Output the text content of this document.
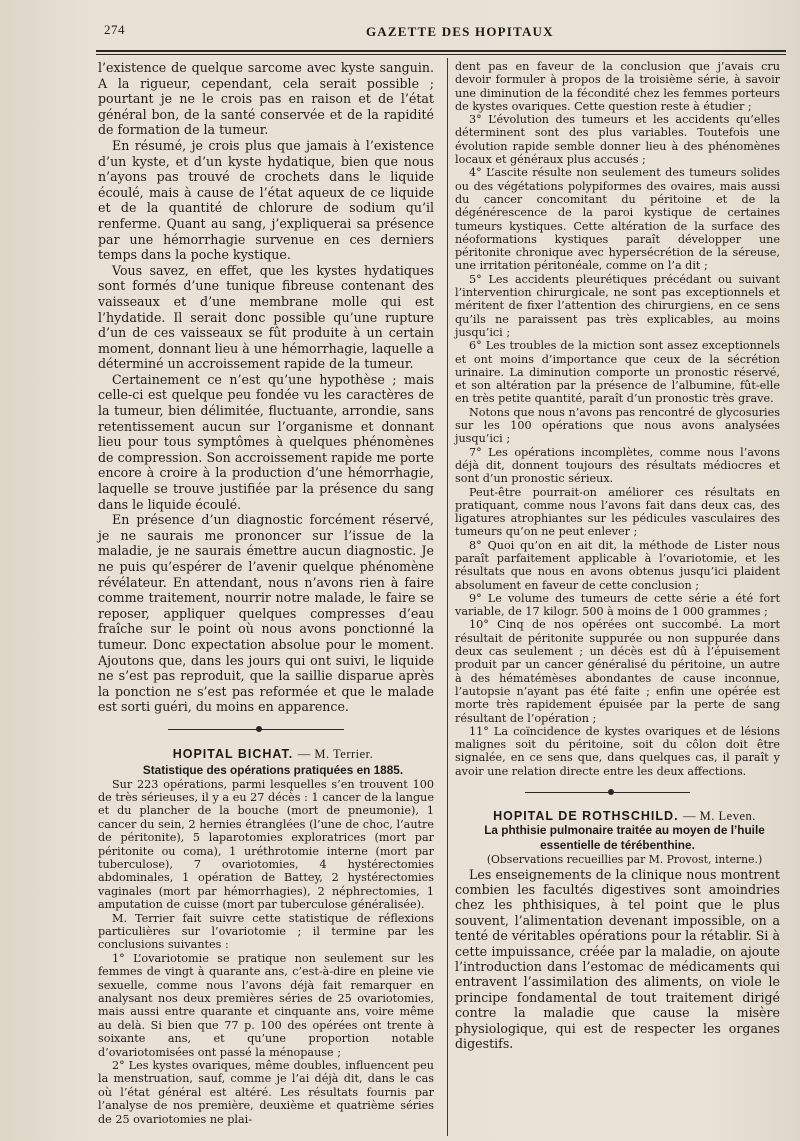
274	GAZETTE DES HOPITAUX

l’existence de quelque sarcome avec kyste sanguin. A la rigueur, cependant, cela serait possible ; pourtant je ne le crois pas en raison et de l’état général bon, de la santé conservée et de la rapidité de formation de la tumeur.

En résumé, je crois plus que jamais à l’existence d’un kyste, et d’un kyste hydatique, bien que nous n’ayons pas trouvé de crochets dans le liquide écoulé, mais à cause de l’état aqueux de ce liquide et de la quantité de chlorure de sodium qu’il renferme. Quant au sang, j’expliquerai sa présence par une hémorrhagie survenue en ces derniers temps dans la poche kystique.

Vous savez, en effet, que les kystes hydatiques sont formés d’une tunique fibreuse contenant des vaisseaux et d’une membrane molle qui est l’hydatide. Il serait donc possible qu’une rupture d’un de ces vaisseaux se fût produite à un certain moment, donnant lieu à une hémorrhagie, laquelle a déterminé un accroissement rapide de la tumeur.

Certainement ce n’est qu’une hypothèse ; mais celle-ci est quelque peu fondée vu les caractères de la tumeur, bien délimitée, fluctuante, arrondie, sans retentissement aucun sur l’organisme et donnant lieu pour tous symptômes à quelques phénomènes de compression. Son accroissement rapide me porte encore à croire à la production d’une hémorrhagie, laquelle se trouve justifiée par la présence du sang dans le liquide écoulé.

En présence d’un diagnostic forcément réservé, je ne saurais me prononcer sur l’issue de la maladie, je ne saurais émettre aucun diagnostic. Je ne puis qu’espérer de l’avenir quelque phénomène révélateur. En attendant, nous n’avons rien à faire comme traitement, nourrir notre malade, le faire se reposer, appliquer quelques compresses d’eau fraîche sur le point où nous avons ponctionné la tumeur. Donc expectation absolue pour le moment. Ajoutons que, dans les jours qui ont suivi, le liquide ne s’est pas reproduit, que la saillie disparue après la ponction ne s’est pas reformée et que le malade est sorti guéri, du moins en apparence.

HOPITAL BICHAT. — M. Terrier.

Statistique des opérations pratiquées en 1885.

Sur 223 opérations, parmi lesquelles s’en trouvent 100 de très sérieuses, il y a eu 27 décès : 1 cancer de la langue et du plancher de la bouche (mort de pneumonie), 1 cancer du sein, 2 hernies étranglées (l’une de choc, l’autre de péritonite), 5 laparotomies exploratrices (mort par péritonite ou coma), 1 uréthrotomie interne (mort par tuberculose), 7 ovariotomies, 4 hystérectomies abdominales, 1 opération de Battey, 2 hystérectomies vaginales (mort par hémorrhagies), 2 néphrectomies, 1 amputation de cuisse (mort par tuberculose généralisée).

M. Terrier fait suivre cette statistique de réflexions particulières sur l’ovariotomie ; il termine par les conclusions suivantes :

1° L’ovariotomie se pratique non seulement sur les femmes de vingt à quarante ans, c’est-à-dire en pleine vie sexuelle, comme nous l’avons déjà fait remarquer en analysant nos deux premières séries de 25 ovariotomies, mais aussi entre quarante et cinquante ans, voire même au delà. Si bien que 77 p. 100 des opérées ont trente à soixante ans, et qu’une proportion notable d’ovariotomisées ont passé la ménopause ;

2° Les kystes ovariques, même doubles, influencent peu la menstruation, sauf, comme je l’ai déjà dit, dans le cas où l’état général est altéré. Les résultats fournis par l’analyse de nos première, deuxième et quatrième séries de 25 ovariotomies ne plai-

dent pas en faveur de la conclusion que j’avais cru devoir formuler à propos de la troisième série, à savoir une diminution de la fécondité chez les femmes porteurs de kystes ovariques. Cette question reste à étudier ;

3° L’évolution des tumeurs et les accidents qu’elles déterminent sont des plus variables. Toutefois une évolution rapide semble donner lieu à des phénomènes locaux et généraux plus accusés ;

4° L’ascite résulte non seulement des tumeurs solides ou des végétations polypiformes des ovaires, mais aussi du cancer concomitant du péritoine et de la dégénérescence de la paroi kystique de certaines tumeurs kystiques. Cette altération de la surface des néoformations kystiques paraît développer une péritonite chronique avec hypersécrétion de la séreuse, une irritation péritonéale, comme on l’a dit ;

5° Les accidents pleurétiques précédant ou suivant l’intervention chirurgicale, ne sont pas exceptionnels et méritent de fixer l’attention des chirurgiens, en ce sens qu’ils ne paraissent pas très explicables, au moins jusqu’ici ;

6° Les troubles de la miction sont assez exceptionnels et ont moins d’importance que ceux de la sécrétion urinaire. La diminution comporte un pronostic réservé, et son altération par la présence de l’albumine, fût-elle en très petite quantité, paraît d’un pronostic très grave.

Notons que nous n’avons pas rencontré de glycosuries sur les 100 opérations que nous avons analysées jusqu’ici ;

7° Les opérations incomplètes, comme nous l’avons déjà dit, donnent toujours des résultats médiocres et sont d’un pronostic sérieux.

Peut-être pourrait-on améliorer ces résultats en pratiquant, comme nous l’avons fait dans deux cas, des ligatures atrophiantes sur les pédicules vasculaires des tumeurs qu’on ne peut enlever ;

8° Quoi qu’on en ait dit, la méthode de Lister nous paraît parfaitement applicable à l’ovariotomie, et les résultats que nous en avons obtenus jusqu’ici plaident absolument en faveur de cette conclusion ;

9° Le volume des tumeurs de cette série a été fort variable, de 17 kilogr. 500 à moins de 1 000 grammes ;

10° Cinq de nos opérées ont succombé. La mort résultait de péritonite suppurée ou non suppurée dans deux cas seulement ; un décès est dû à l’épuisement produit par un cancer généralisé du péritoine, un autre à des hématémèses abondantes de cause inconnue, l’autopsie n’ayant pas été faite ; enfin une opérée est morte très rapidement épuisée par la perte de sang résultant de l’opération ;

11° La coïncidence de kystes ovariques et de lésions malignes soit du péritoine, soit du côlon doit être signalée, en ce sens que, dans quelques cas, il paraît y avoir une relation directe entre les deux affections.

HOPITAL DE ROTHSCHILD. — M. Leven.

La phthisie pulmonaire traitée au moyen de l’huile essentielle de térébenthine.

(Observations recueillies par M. Provost, interne.)

Les enseignements de la clinique nous montrent combien les facultés digestives sont amoindries chez les phthisiques, à tel point que le plus souvent, l’alimentation devenant impossible, on a tenté de véritables opérations pour la rétablir. Si à cette impuissance, créée par la maladie, on ajoute l’introduction dans l’estomac de médicaments qui entravent l’assimilation des aliments, on viole le principe fondamental de tout traitement dirigé contre la maladie que cause la misère physiologique, qui est de respecter les organes digestifs.
